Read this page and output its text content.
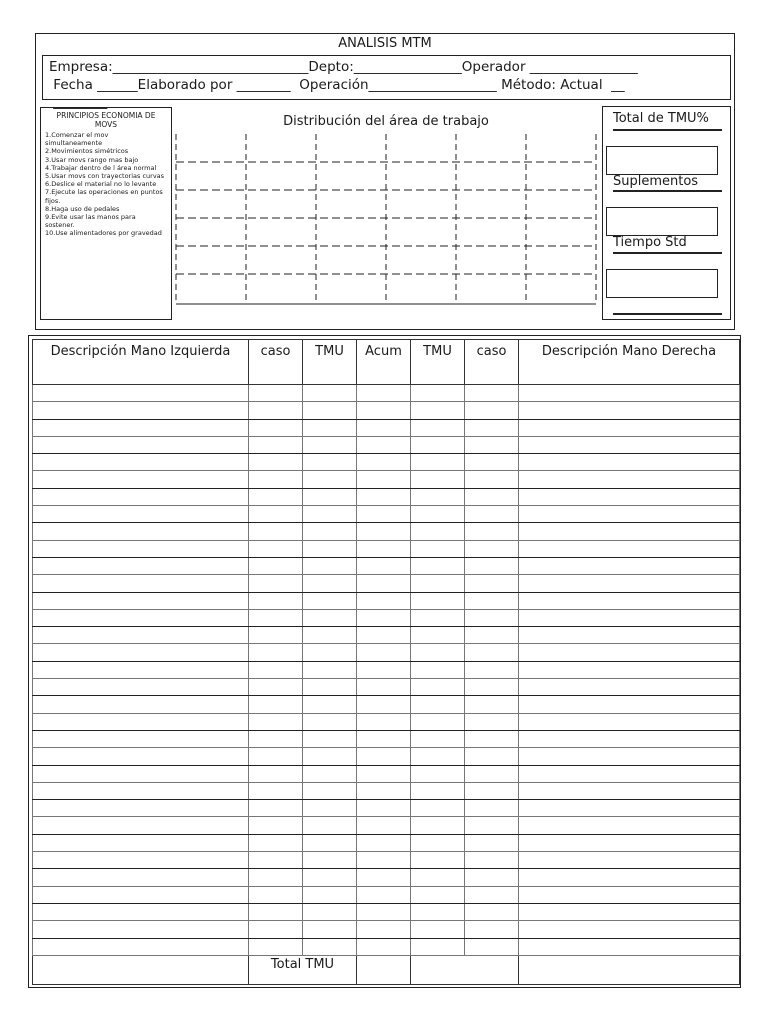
ANALISIS MTM
Empresa:_____________________________Depto:________________Operador ________________
Fecha ______Elaborado por ________  Operación___________________ Método: Actual  __
________
PRINCIPIOS ECONOMIA DE MOVS
1.Comenzar el mov simultaneamente
2.Movimientos simétricos
3.Usar movs rango mas bajo
4.Trabajar dentro de l área normal
5.Usar movs con trayectorias curvas
6.Deslice el material no lo levante
7.Ejecute las operaciones en puntos fijos.
8.Haga uso de pedales
9.Evite usar las manos para sostener.
10.Use alimentadores por gravedad
Distribución del área de trabajo	Total de TMU%
Suplementos
Tiempo Std
Descripción Mano Izquierda	caso	TMU	Acum	TMU	caso	Descripción Mano Derecha

	Total TMU					
